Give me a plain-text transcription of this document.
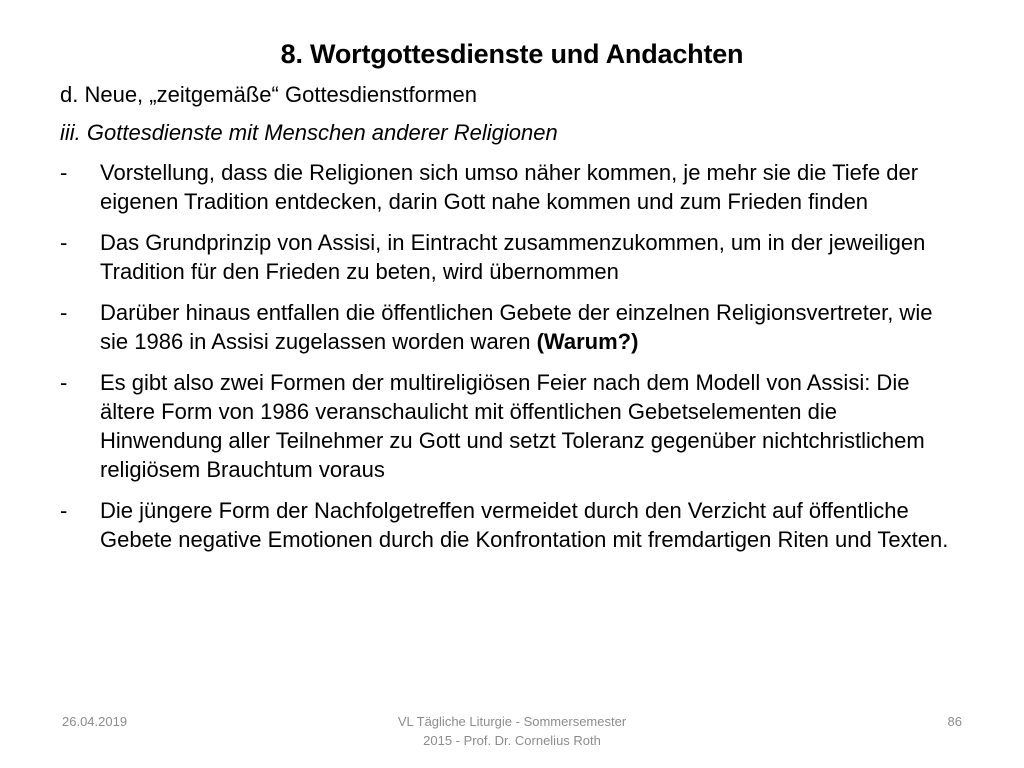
8. Wortgottesdienste und Andachten
d. Neue, „zeitgemäße“ Gottesdienstformen
iii. Gottesdienste mit Menschen anderer Religionen
- Vorstellung, dass die Religionen sich umso näher kommen, je mehr sie die Tiefe der eigenen Tradition entdecken, darin Gott nahe kommen und zum Frieden finden
- Das Grundprinzip von Assisi, in Eintracht zusammenzukommen, um in der jeweiligen Tradition für den Frieden zu beten, wird übernommen
- Darüber hinaus entfallen die öffentlichen Gebete der einzelnen Religionsvertreter, wie sie 1986 in Assisi zugelassen worden waren (Warum?)
- Es gibt also zwei Formen der multireligiösen Feier nach dem Modell von Assisi: Die ältere Form von 1986 veranschaulicht mit öffentlichen Gebetselementen die Hinwendung aller Teilnehmer zu Gott und setzt Toleranz gegenüber nichtchristlichem religiösem Brauchtum voraus
- Die jüngere Form der Nachfolgetreffen vermeidet durch den Verzicht auf öffentliche Gebete negative Emotionen durch die Konfrontation mit fremdartigen Riten und Texten.
26.04.2019	VL Tägliche Liturgie - Sommersemester
2015 - Prof. Dr. Cornelius Roth
86
